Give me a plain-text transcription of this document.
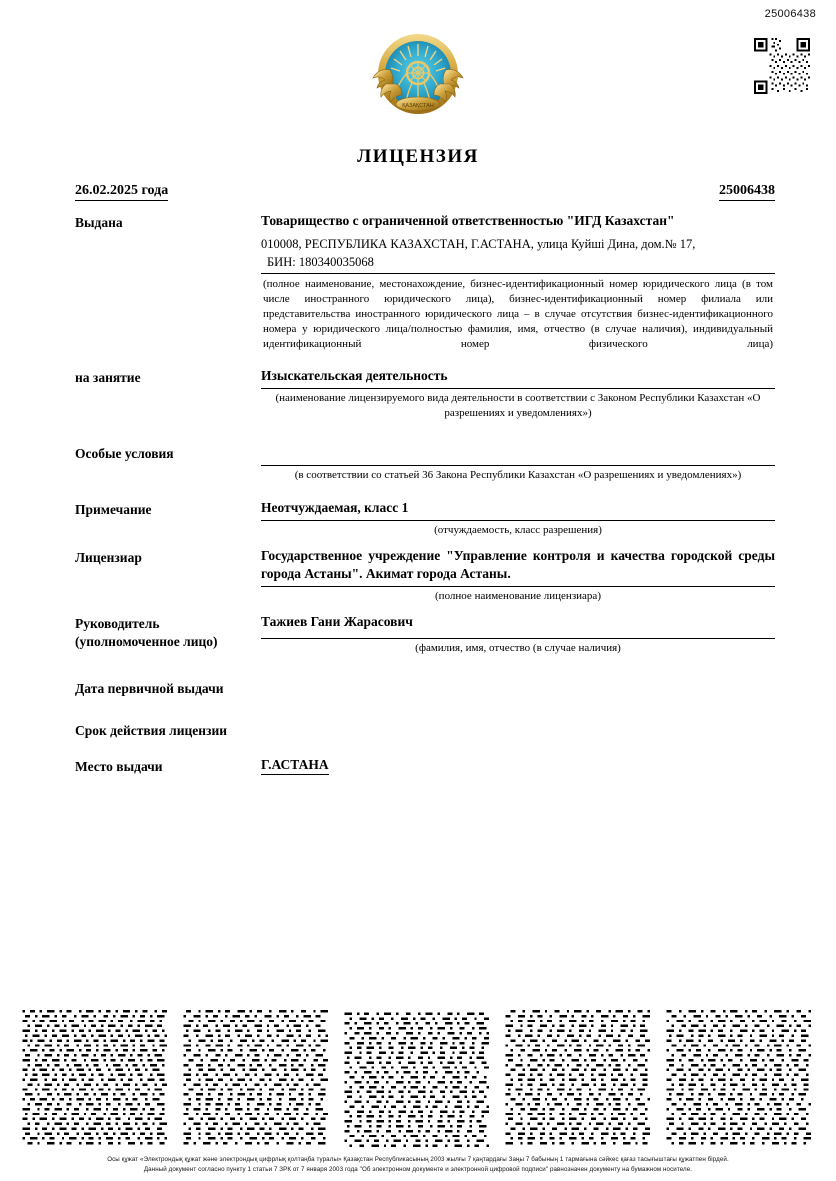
25006438
ҚАЗАҚСТАН
ЛИЦЕНЗИЯ
26.02.2025 года	25006438
Выдана	Товарищество с ограниченной ответственностью "ИГД Казахстан"
010008, РЕСПУБЛИКА КАЗАХСТАН, Г.АСТАНА, улица Куйшi Дина, дом.№ 17,
БИН: 180340035068
(полное наименование, местонахождение, бизнес-идентификационный номер юридического лица (в том числе иностранного юридического лица), бизнес-идентификационный номер филиала или представительства иностранного юридического лица – в случае отсутствия бизнес-идентификационного номера у юридического лица/полностью фамилия, имя, отчество (в случае наличия), индивидуальный идентификационный номер физического лица)
на занятие	Изыскательская деятельность
(наименование лицензируемого вида деятельности в соответствии с Законом Республики Казахстан «О разрешениях и уведомлениях»)
Особые условия
(в соответствии со статьей 36 Закона Республики Казахстан «О разрешениях и уведомлениях»)
Примечание	Неотчуждаемая, класс 1
(отчуждаемость, класс разрешения)
Лицензиар	Государственное учреждение "Управление контроля и качества городской среды города Астаны". Акимат города Астаны.
(полное наименование лицензиара)
Руководитель (уполномоченное лицо)
Тажиев Гани Жарасович
(фамилия, имя, отчество (в случае наличия)
Дата первичной выдачи
Срок действия лицензии
Место выдачи	Г.АСТАНА
Осы құжат «Электрондық құжат және электрондық цифрлық қолтаңба туралы» Қазақстан Республикасының 2003 жылғы 7 қаңтардағы Заңы 7 бабының 1 тармағына сәйкес қағаз тасығыштағы құжатпен бірдей.
Данный документ согласно пункту 1 статьи 7 ЗРК от 7 января 2003 года "Об электронном документе и электронной цифровой подписи" равнозначен документу на бумажном носителе.
